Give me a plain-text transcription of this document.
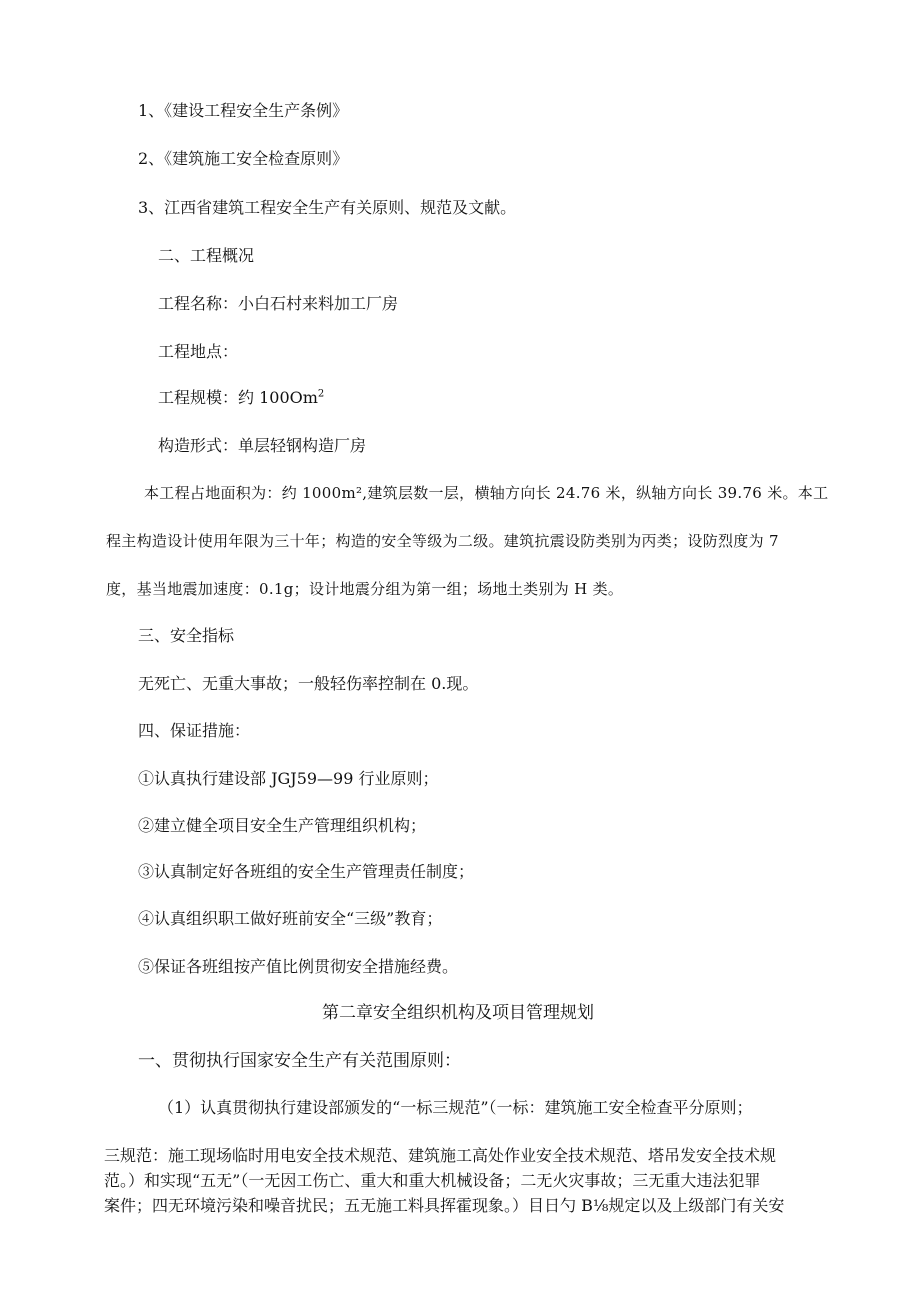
1、《建设工程安全生产条例》
2、《建筑施工安全检查原则》
3、江西省建筑工程安全生产有关原则、规范及文献。
二、工程概况
工程名称：小白石村来料加工厂房
工程地点：
工程规模：约 100Om$^2$
构造形式：单层轻钢构造厂房
本工程占地面积为：约 1000m²,建筑层数一层，横轴方向长 24.76 米，纵轴方向长 39.76 米。本工
程主构造设计使用年限为三十年；构造的安全等级为二级。建筑抗震设防类别为丙类；设防烈度为 7
度，基当地震加速度：0.1g；设计地震分组为第一组；场地土类别为 H 类。
三、安全指标
无死亡、无重大事故；一般轻伤率控制在 0.现。
四、保证措施：
①认真执行建设部 JGJ59—99 行业原则；
②建立健全项目安全生产管理组织机构；
③认真制定好各班组的安全生产管理责任制度；
④认真组织职工做好班前安全“三级”教育；
⑤保证各班组按产值比例贯彻安全措施经费。
第二章安全组织机构及项目管理规划
一、贯彻执行国家安全生产有关范围原则：
（1）认真贯彻执行建设部颁发的“一标三规范”（一标：建筑施工安全检查平分原则；
三规范：施工现场临时用电安全技术规范、建筑施工高处作业安全技术规范、塔吊发安全技术规
范。）和实现“五无”（一无因工伤亡、重大和重大机械设备；二无火灾事故；三无重大违法犯罪
案件；四无环境污染和噪音扰民；五无施工料具挥霍现象。）目日勺 B⅛规定以及上级部门有关安
